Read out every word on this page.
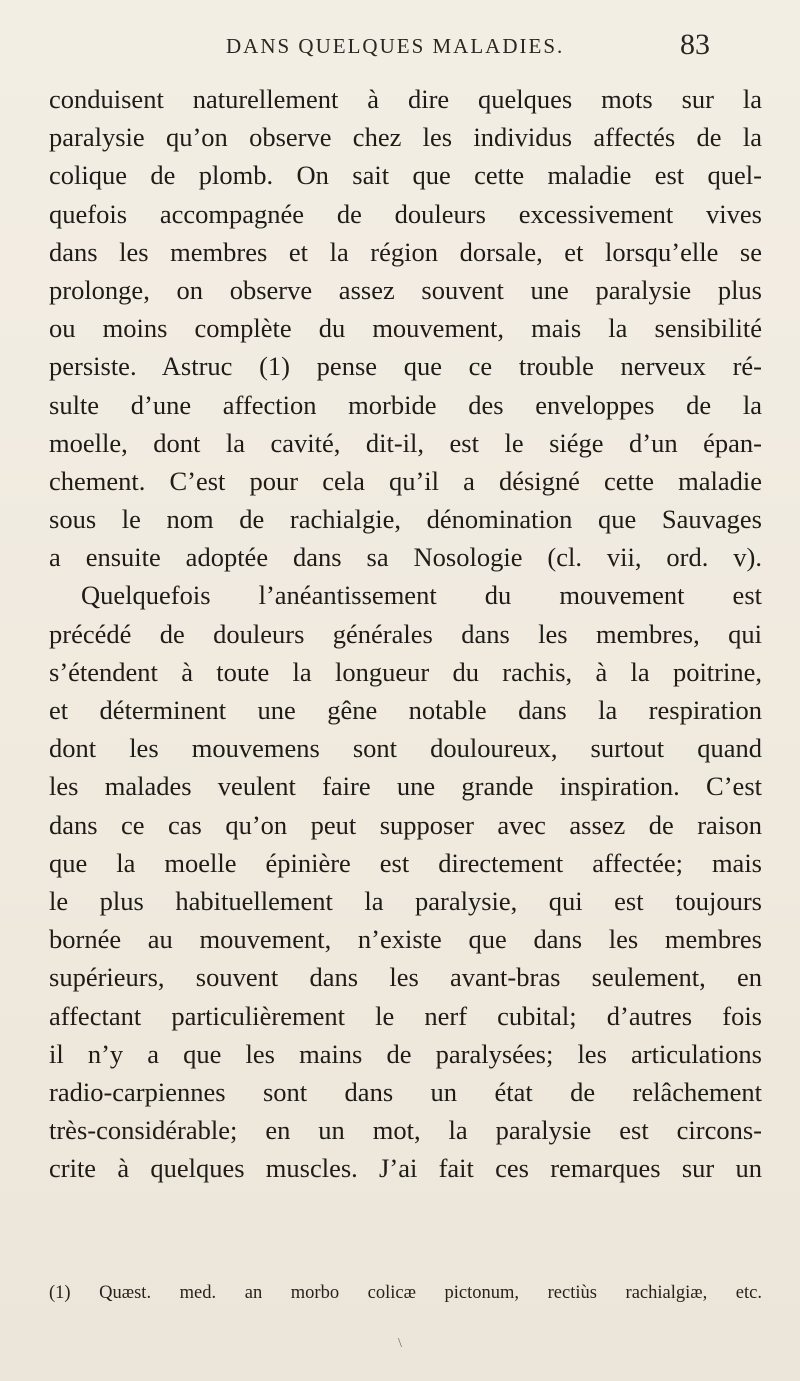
DANS QUELQUES MALADIES.	83
conduisent naturellement à dire quelques mots sur la
paralysie qu’on observe chez les individus affectés de la
colique de plomb. On sait que cette maladie est quel-
quefois accompagnée de douleurs excessivement vives
dans les membres et la région dorsale, et lorsqu’elle se
prolonge, on observe assez souvent une paralysie plus
ou moins complète du mouvement, mais la sensibilité
persiste. Astruc (1) pense que ce trouble nerveux ré-
sulte d’une affection morbide des enveloppes de la
moelle, dont la cavité, dit-il, est le siége d’un épan-
chement. C’est pour cela qu’il a désigné cette maladie
sous le nom de rachialgie, dénomination que Sauvages
a ensuite adoptée dans sa Nosologie (cl. vii, ord. v).
Quelquefois l’anéantissement du mouvement est
précédé de douleurs générales dans les membres, qui
s’étendent à toute la longueur du rachis, à la poitrine,
et déterminent une gêne notable dans la respiration
dont les mouvemens sont douloureux, surtout quand
les malades veulent faire une grande inspiration. C’est
dans ce cas qu’on peut supposer avec assez de raison
que la moelle épinière est directement affectée; mais
le plus habituellement la paralysie, qui est toujours
bornée au mouvement, n’existe que dans les membres
supérieurs, souvent dans les avant-bras seulement, en
affectant particulièrement le nerf cubital; d’autres fois
il n’y a que les mains de paralysées; les articulations
radio-carpiennes sont dans un état de relâchement
très-considérable; en un mot, la paralysie est circons-
crite à quelques muscles. J’ai fait ces remarques sur un
(1) Quæst. med. an morbo colicæ pictonum, rectiùs rachialgiæ, etc.
\
